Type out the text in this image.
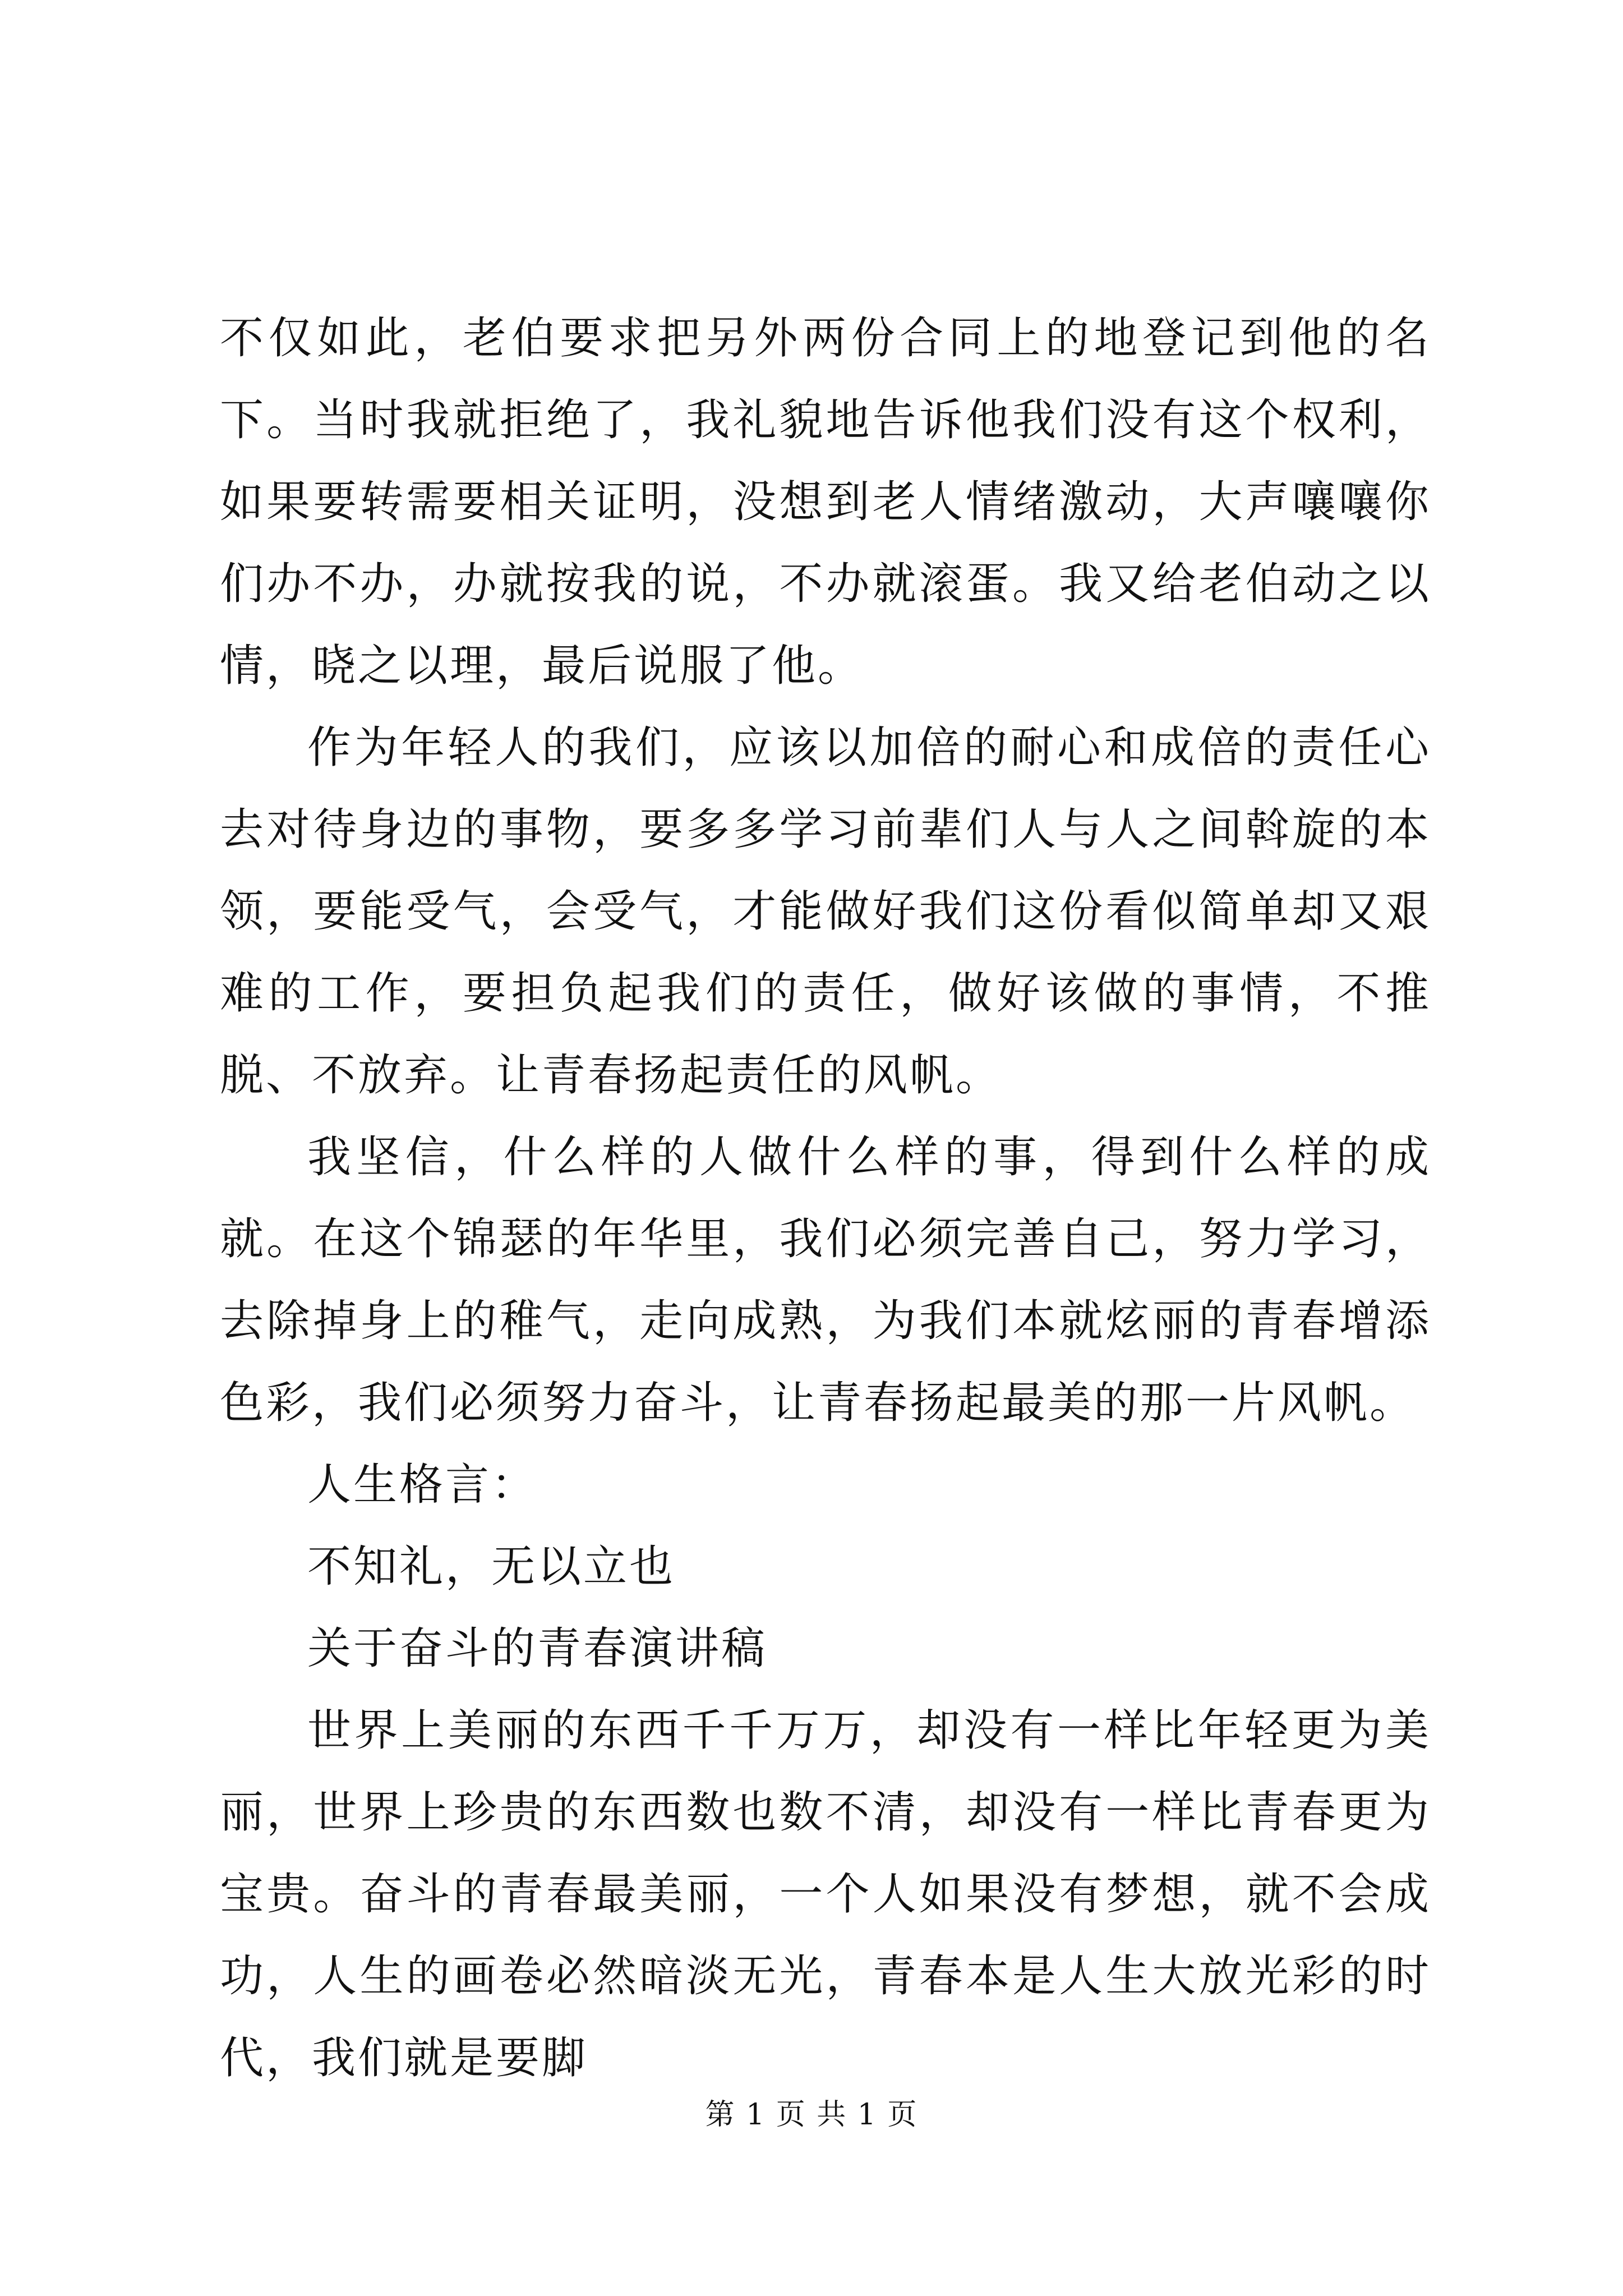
不仅如此，老伯要求把另外两份合同上的地登记到他的名下。当时我就拒绝了，我礼貌地告诉他我们没有这个权利，如果要转需要相关证明，没想到老人情绪激动，大声嚷嚷你们办不办，办就按我的说，不办就滚蛋。我又给老伯动之以情，晓之以理，最后说服了他。

作为年轻人的我们，应该以加倍的耐心和成倍的责任心去对待身边的事物，要多多学习前辈们人与人之间斡旋的本领，要能受气，会受气，才能做好我们这份看似简单却又艰难的工作，要担负起我们的责任，做好该做的事情，不推脱、不放弃。让青春扬起责任的风帆。

我坚信，什么样的人做什么样的事，得到什么样的成就。在这个锦瑟的年华里，我们必须完善自己，努力学习，去除掉身上的稚气，走向成熟，为我们本就炫丽的青春增添色彩，我们必须努力奋斗，让青春扬起最美的那一片风帆。

人生格言：

不知礼，无以立也

关于奋斗的青春演讲稿

世界上美丽的东西千千万万，却没有一样比年轻更为美丽，世界上珍贵的东西数也数不清，却没有一样比青春更为宝贵。奋斗的青春最美丽，一个人如果没有梦想，就不会成功，人生的画卷必然暗淡无光，青春本是人生大放光彩的时代，我们就是要脚

第 1 页 共 1 页
